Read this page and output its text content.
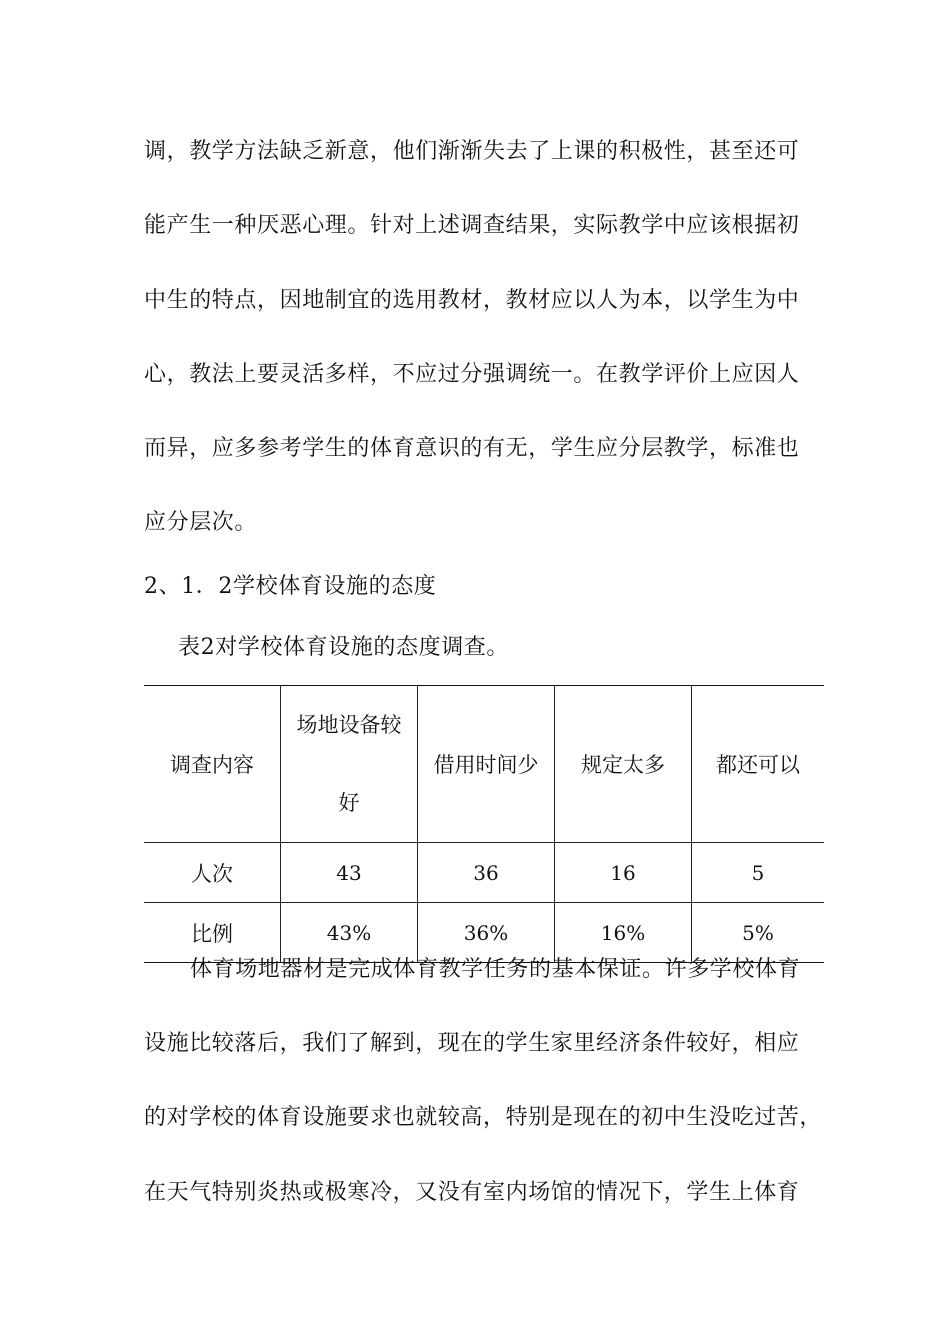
调，教学方法缺乏新意，他们渐渐失去了上课的积极性，甚至还可
能产生一种厌恶心理。针对上述调查结果，实际教学中应该根据初
中生的特点，因地制宜的选用教材，教材应以人为本，以学生为中
心，教法上要灵活多样，不应过分强调统一。在教学评价上应因人
而异，应多参考学生的体育意识的有无，学生应分层教学，标准也
应分层次。
2、1．2学校体育设施的态度
表2对学校体育设施的态度调查。
调查内容	场地设备较好	借用时间少	规定太多	都还可以
人次	43	36	16	5
比例	43%	36%	16%	5%
体育场地器材是完成体育教学任务的基本保证。许多学校体育
设施比较落后，我们了解到，现在的学生家里经济条件较好，相应
的对学校的体育设施要求也就较高，特别是现在的初中生没吃过苦，
在天气特别炎热或极寒冷，又没有室内场馆的情况下，学生上体育
